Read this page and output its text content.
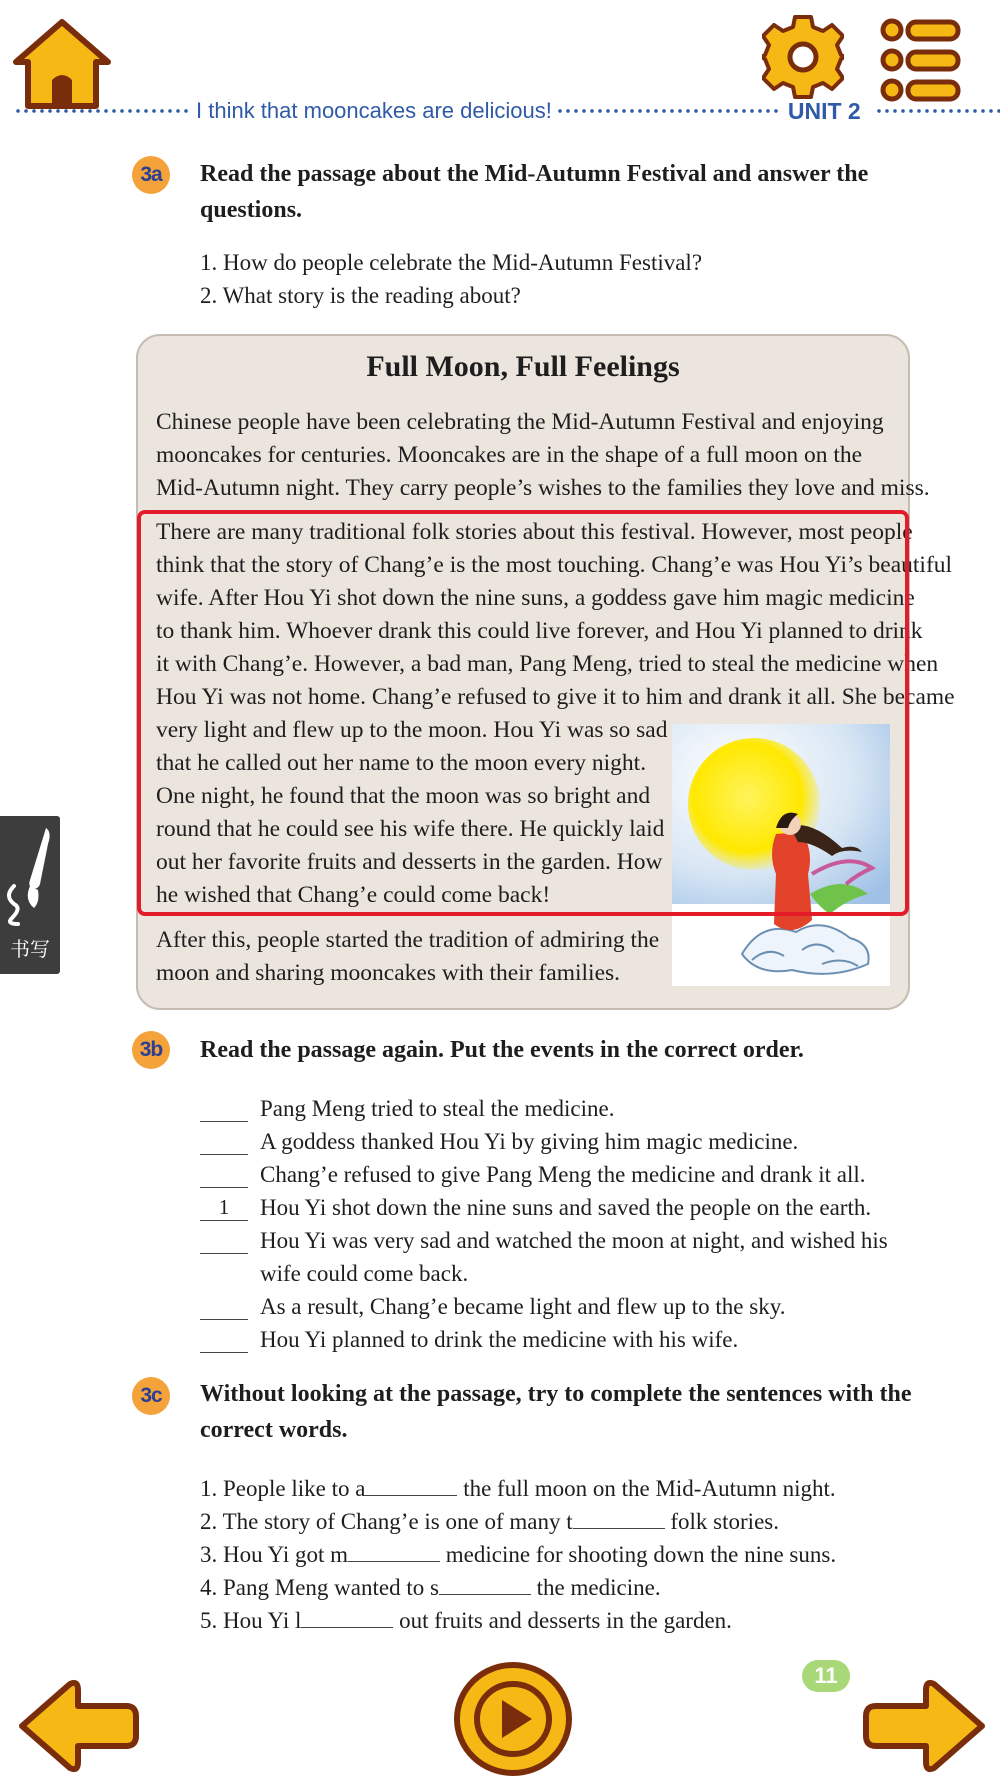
I think that mooncakes are delicious!	UNIT 2
3a	Read the passage about the Mid-Autumn Festival and answer the
questions.
1. How do people celebrate the Mid-Autumn Festival?
2. What story is the reading about?
Full Moon, Full Feelings
Chinese people have been celebrating the Mid-Autumn Festival and enjoying
mooncakes for centuries. Mooncakes are in the shape of a full moon on the
Mid-Autumn night. They carry people’s wishes to the families they love and miss.
There are many traditional folk stories about this festival. However, most people
think that the story of Chang’e is the most touching. Chang’e was Hou Yi’s beautiful
wife. After Hou Yi shot down the nine suns, a goddess gave him magic medicine
to thank him. Whoever drank this could live forever, and Hou Yi planned to drink
it with Chang’e. However, a bad man, Pang Meng, tried to steal the medicine when
Hou Yi was not home. Chang’e refused to give it to him and drank it all. She became
very light and flew up to the moon. Hou Yi was so sad
that he called out her name to the moon every night.
One night, he found that the moon was so bright and
round that he could see his wife there. He quickly laid
out her favorite fruits and desserts in the garden. How
he wished that Chang’e could come back!
After this, people started the tradition of admiring the
moon and sharing mooncakes with their families.
书写
3b	Read the passage again. Put the events in the correct order.
Pang Meng tried to steal the medicine.
A goddess thanked Hou Yi by giving him magic medicine.
Chang’e refused to give Pang Meng the medicine and drank it all.
1	Hou Yi shot down the nine suns and saved the people on the earth.
Hou Yi was very sad and watched the moon at night, and wished his
wife could come back.
As a result, Chang’e became light and flew up to the sky.
Hou Yi planned to drink the medicine with his wife.
3c	Without looking at the passage, try to complete the sentences with the
correct words.
1. People like to a	the full moon on the Mid-Autumn night.
2. The story of Chang’e is one of many t	folk stories.
3. Hou Yi got m	medicine for shooting down the nine suns.
4. Pang Meng wanted to s	the medicine.
5. Hou Yi l	out fruits and desserts in the garden.
11
